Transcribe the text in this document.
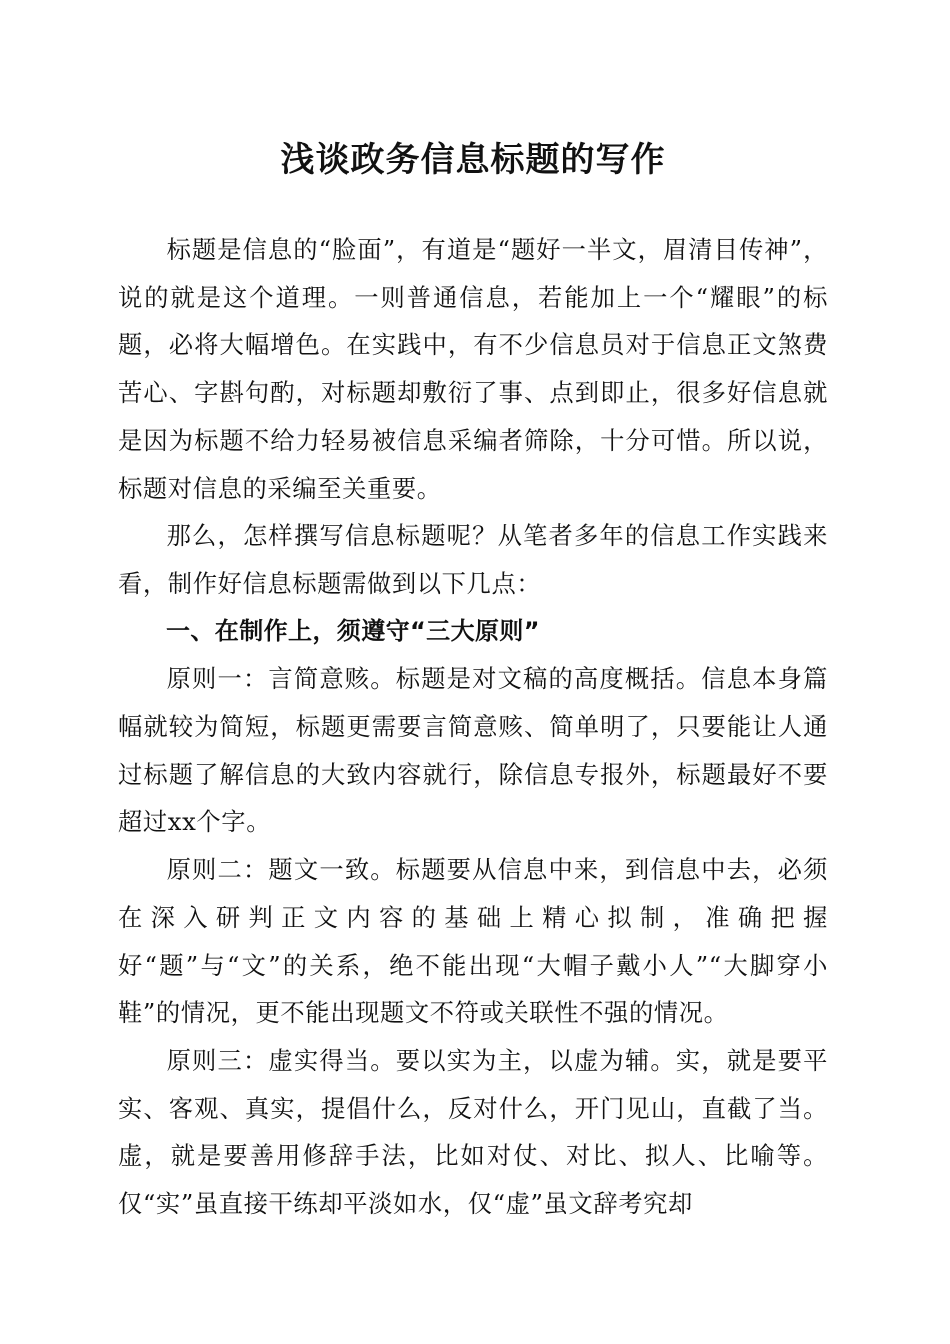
浅谈政务信息标题的写作

标题是信息的“脸面”，有道是“题好一半文，眉清目传神”，说的就是这个道理。一则普通信息，若能加上一个“耀眼”的标题，必将大幅增色。在实践中，有不少信息员对于信息正文煞费苦心、字斟句酌，对标题却敷衍了事、点到即止，很多好信息就是因为标题不给力轻易被信息采编者筛除，十分可惜。所以说，标题对信息的采编至关重要。

那么，怎样撰写信息标题呢？从笔者多年的信息工作实践来看，制作好信息标题需做到以下几点：

一、在制作上，须遵守“三大原则”

原则一：言简意赅。标题是对文稿的高度概括。信息本身篇幅就较为简短，标题更需要言简意赅、简单明了，只要能让人通过标题了解信息的大致内容就行，除信息专报外，标题最好不要超过xx个字。

原则二：题文一致。标题要从信息中来，到信息中去，必须在深入研判正文内容的基础上精心拟制，准确把握好“题”与“文”的关系，绝不能出现“大帽子戴小人”“大脚穿小鞋”的情况，更不能出现题文不符或关联性不强的情况。

原则三：虚实得当。要以实为主，以虚为辅。实，就是要平实、客观、真实，提倡什么，反对什么，开门见山，直截了当。虚，就是要善用修辞手法，比如对仗、对比、拟人、比喻等。仅“实”虽直接干练却平淡如水，仅“虚”虽文辞考究却
